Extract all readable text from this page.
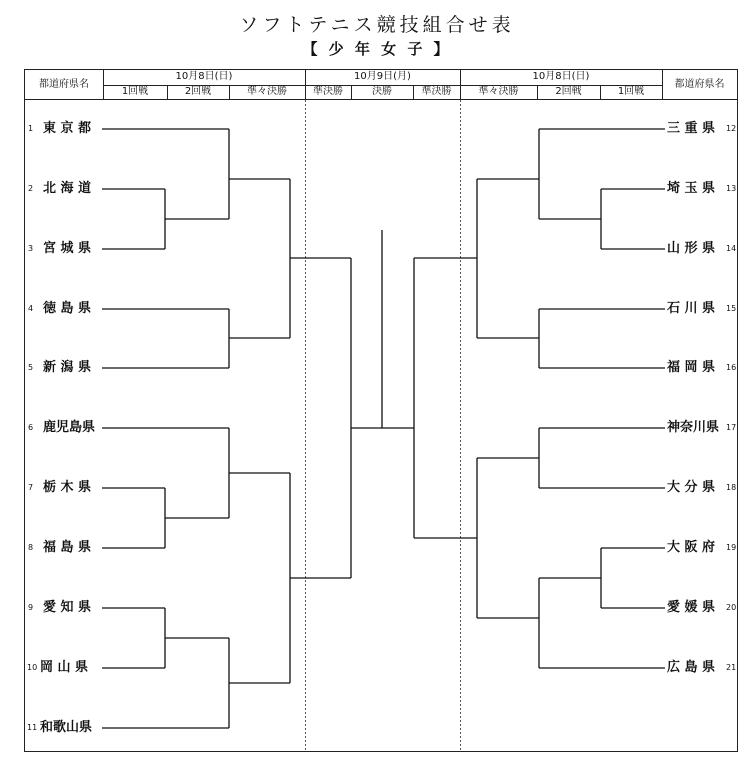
ソフトテニス競技組合せ表
【 少 年 女 子 】
都道府県名
10月8日(日)
1回戦	2回戦	準々決勝
10月9日(月)
準決勝	決勝	準決勝
10月8日(日)
準々決勝	2回戦	1回戦
都道府県名
1 東 京 都
2 北 海 道
3 宮 城 県
4 徳 島 県
5 新 潟 県
6 鹿児島県
7 栃 木 県
8 福 島 県
9 愛 知 県
10 岡 山 県
11 和歌山県
三 重 県 12
埼 玉 県 13
山 形 県 14
石 川 県 15
福 岡 県 16
神奈川県 17
大 分 県 18
大 阪 府 19
愛 媛 県 20
広 島 県 21
